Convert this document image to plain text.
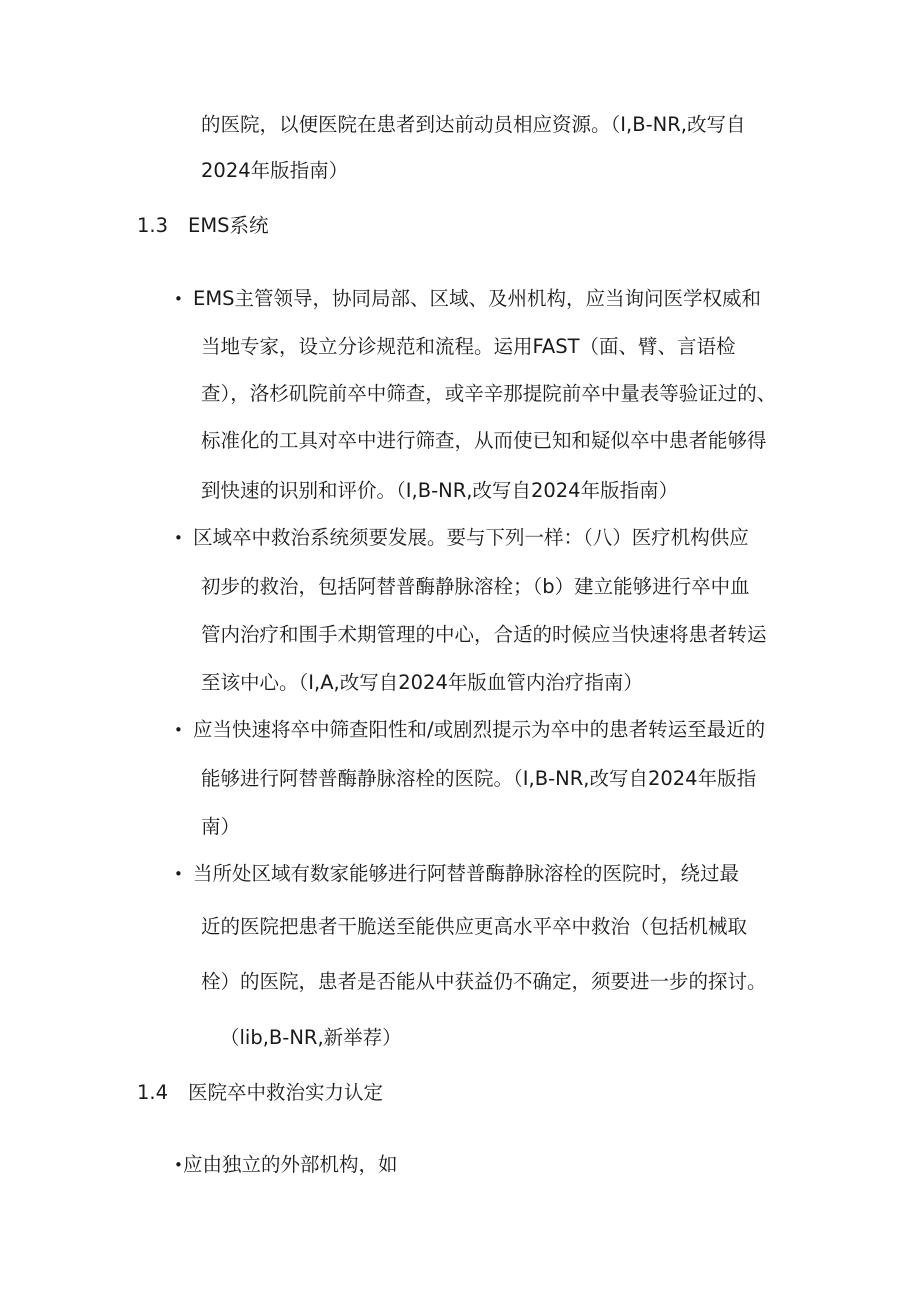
的医院，以便医院在患者到达前动员相应资源。（I,B-NR,改写自
2024年版指南）
1.3 EMS系统
• EMS主管领导，协同局部、区域、及州机构，应当询问医学权威和
当地专家，设立分诊规范和流程。运用FAST（面、臂、言语检
查），洛杉矶院前卒中筛查，或辛辛那提院前卒中量表等验证过的、
标准化的工具对卒中进行筛查，从而使已知和疑似卒中患者能够得
到快速的识别和评价。（I,B-NR,改写自2024年版指南）
• 区域卒中救治系统须要发展。要与下列一样：（八）医疗机构供应
初步的救治，包括阿替普酶静脉溶栓；（b）建立能够进行卒中血
管内治疗和围手术期管理的中心，合适的时候应当快速将患者转运
至该中心。（I,A,改写自2024年版血管内治疗指南）
• 应当快速将卒中筛查阳性和/或剧烈提示为卒中的患者转运至最近的
能够进行阿替普酶静脉溶栓的医院。（I,B-NR,改写自2024年版指
南）
• 当所处区域有数家能够进行阿替普酶静脉溶栓的医院时，绕过最
近的医院把患者干脆送至能供应更高水平卒中救治（包括机械取
栓）的医院，患者是否能从中获益仍不确定，须要进一步的探讨。
（lib,B-NR,新举荐）
1.4 医院卒中救治实力认定
• 应由独立的外部机构，如
